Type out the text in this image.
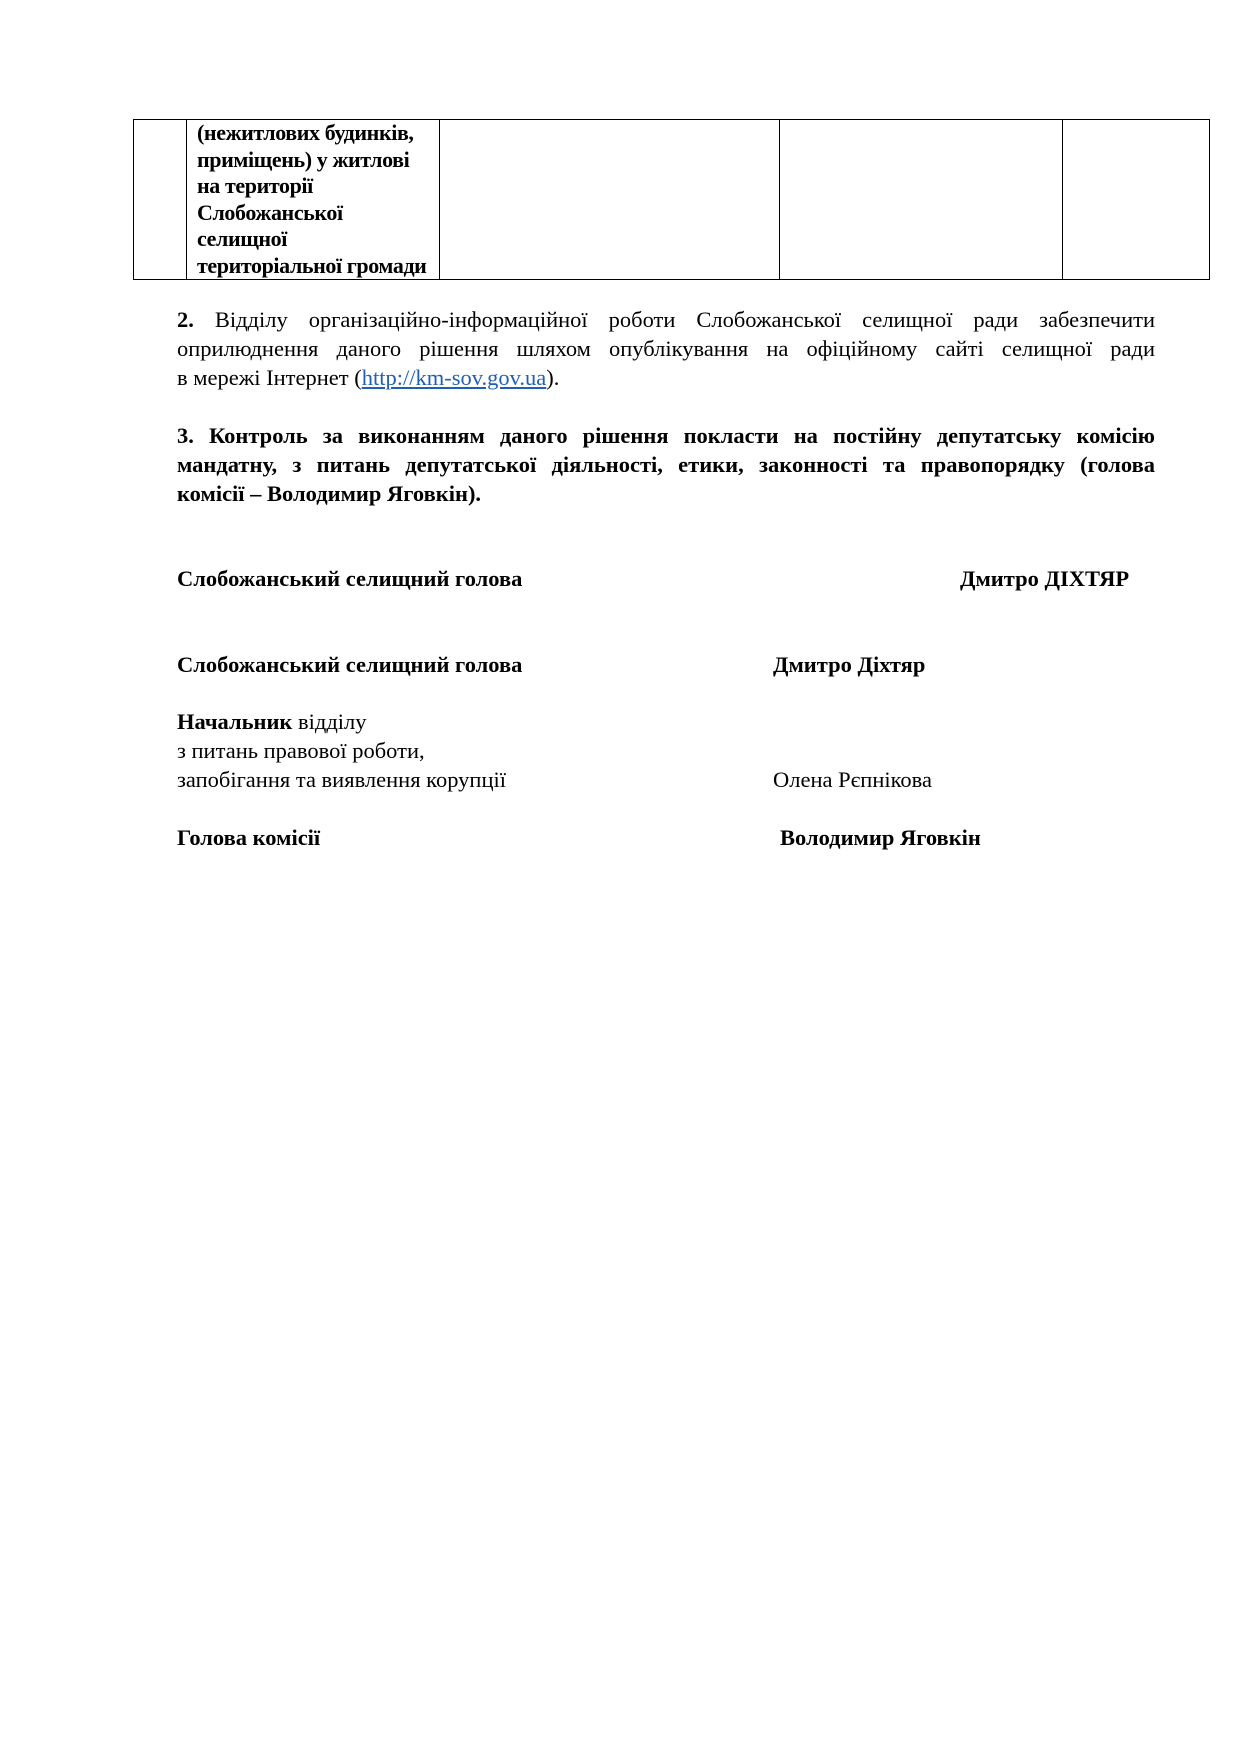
(нежитлових будинків,
приміщень) у житлові
на території
Слобожанської
селищної
територіальної громади

2. Відділу організаційно-інформаційної роботи Слобожанської селищної ради забезпечити
оприлюднення даного рішення шляхом опублікування на офіційному сайті селищної ради
в мережі Інтернет (http://km-sov.gov.ua).
3. Контроль за виконанням даного рішення покласти на постійну депутатську комісію
мандатну, з питань депутатської діяльності, етики, законності та правопорядку (голова
комісії – Володимир Яговкін).
Слобожанський селищний голова	Дмитро ДІХТЯР
Слобожанський селищний голова	Дмитро Діхтяр
Начальник відділу
з питань правової роботи,
запобігання та виявлення корупції	Олена Рєпнікова
Голова комісії	Володимир Яговкін
